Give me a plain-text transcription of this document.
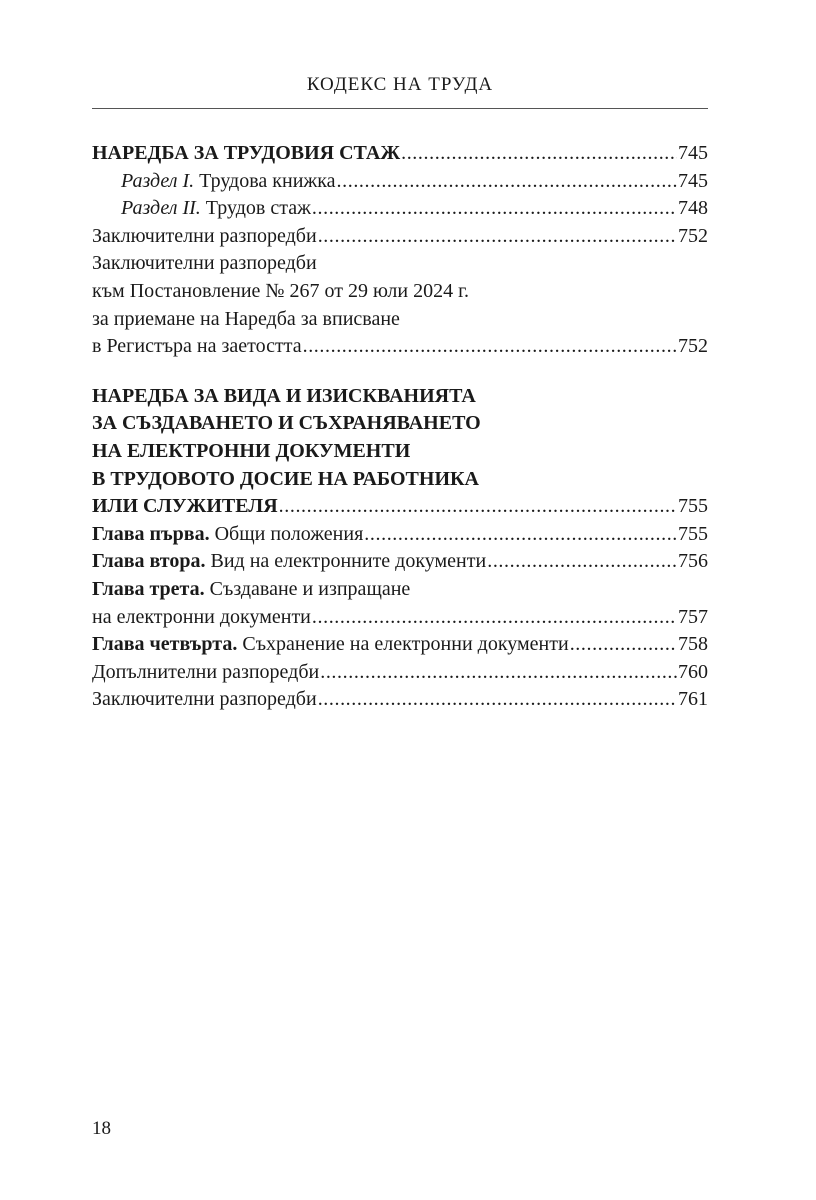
КОДЕКС НА ТРУДА
НАРЕДБА ЗА ТРУДОВИЯ СТАЖ .....	745
Раздел I. Трудова книжка .....	745
Раздел II. Трудов стаж .....	748
Заключителни разпоредби .....	752
Заключителни разпоредби
към Постановление № 267 от 29 юли 2024 г.
за приемане на Наредба за вписване
в Регистъра на заетостта .....	752
НАРЕДБА ЗА ВИДА И ИЗИСКВАНИЯТА
ЗА СЪЗДАВАНЕТО И СЪХРАНЯВАНЕТО
НА ЕЛЕКТРОННИ ДОКУМЕНТИ
В ТРУДОВОТО ДОСИЕ НА РАБОТНИКА
ИЛИ СЛУЖИТЕЛЯ .....	755
Глава първа. Общи положения .....	755
Глава втора. Вид на електронните документи .....	756
Глава трета. Създаване и изпращане
на електронни документи .....	757
Глава четвърта. Съхранение на електронни документи .....	758
Допълнителни разпоредби .....	760
Заключителни разпоредби .....	761
18
